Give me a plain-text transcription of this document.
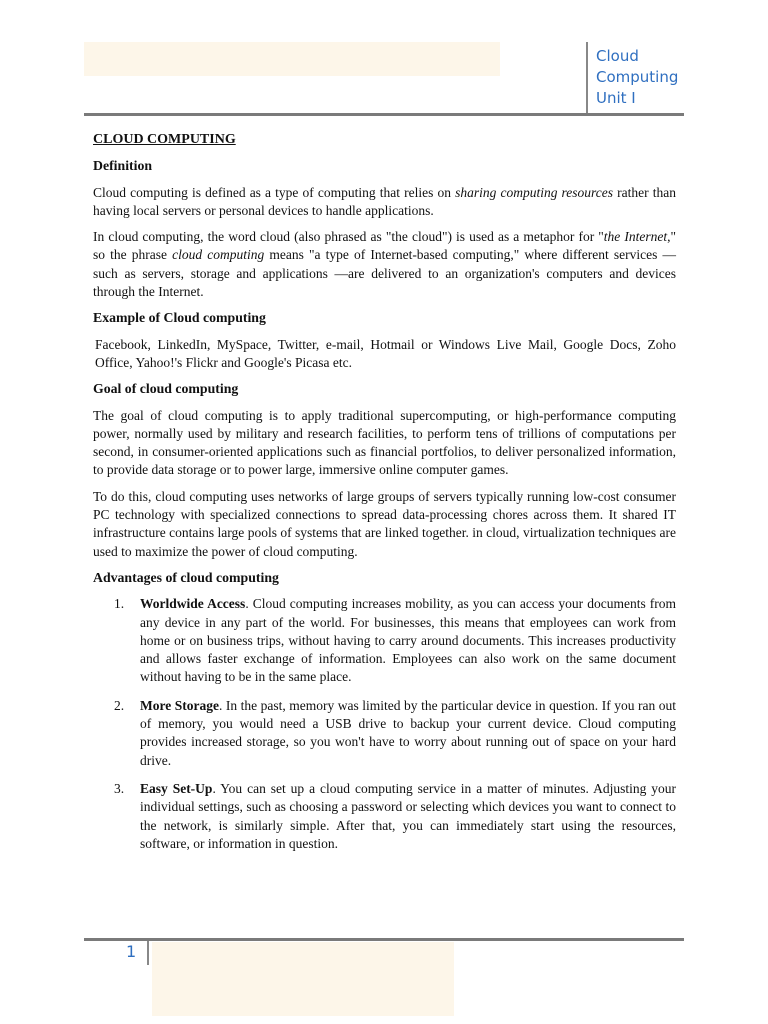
Cloud
Computing
Unit I
CLOUD COMPUTING
Definition

Cloud computing is defined as a type of computing that relies on sharing computing resources rather than having local servers or personal devices to handle applications.

In cloud computing, the word cloud (also phrased as "the cloud") is used as a metaphor for "the Internet," so the phrase cloud computing means "a type of Internet-based computing," where different services — such as servers, storage and applications —are delivered to an organization's computers and devices through the Internet.

Example of Cloud computing

Facebook, LinkedIn, MySpace, Twitter, e-mail, Hotmail or Windows Live Mail, Google Docs, Zoho Office, Yahoo!'s Flickr and Google's Picasa etc.

Goal of cloud computing

The goal of cloud computing is to apply traditional supercomputing, or high-performance computing power, normally used by military and research facilities, to perform tens of trillions of computations per second, in consumer-oriented applications such as financial portfolios, to deliver personalized information, to provide data storage or to power large, immersive online computer games.

To do this, cloud computing uses networks of large groups of servers typically running low-cost consumer PC technology with specialized connections to spread data-processing chores across them. It shared IT infrastructure contains large pools of systems that are linked together. in cloud, virtualization techniques are used to maximize the power of cloud computing.

Advantages of cloud computing
1. Worldwide Access. Cloud computing increases mobility, as you can access your documents from any device in any part of the world. For businesses, this means that employees can work from home or on business trips, without having to carry around documents. This increases productivity and allows faster exchange of information. Employees can also work on the same document without having to be in the same place.
2. More Storage. In the past, memory was limited by the particular device in question. If you ran out of memory, you would need a USB drive to backup your current device. Cloud computing provides increased storage, so you won't have to worry about running out of space on your hard drive.
3. Easy Set-Up. You can set up a cloud computing service in a matter of minutes. Adjusting your individual settings, such as choosing a password or selecting which devices you want to connect to the network, is similarly simple. After that, you can immediately start using the resources, software, or information in question.
1
